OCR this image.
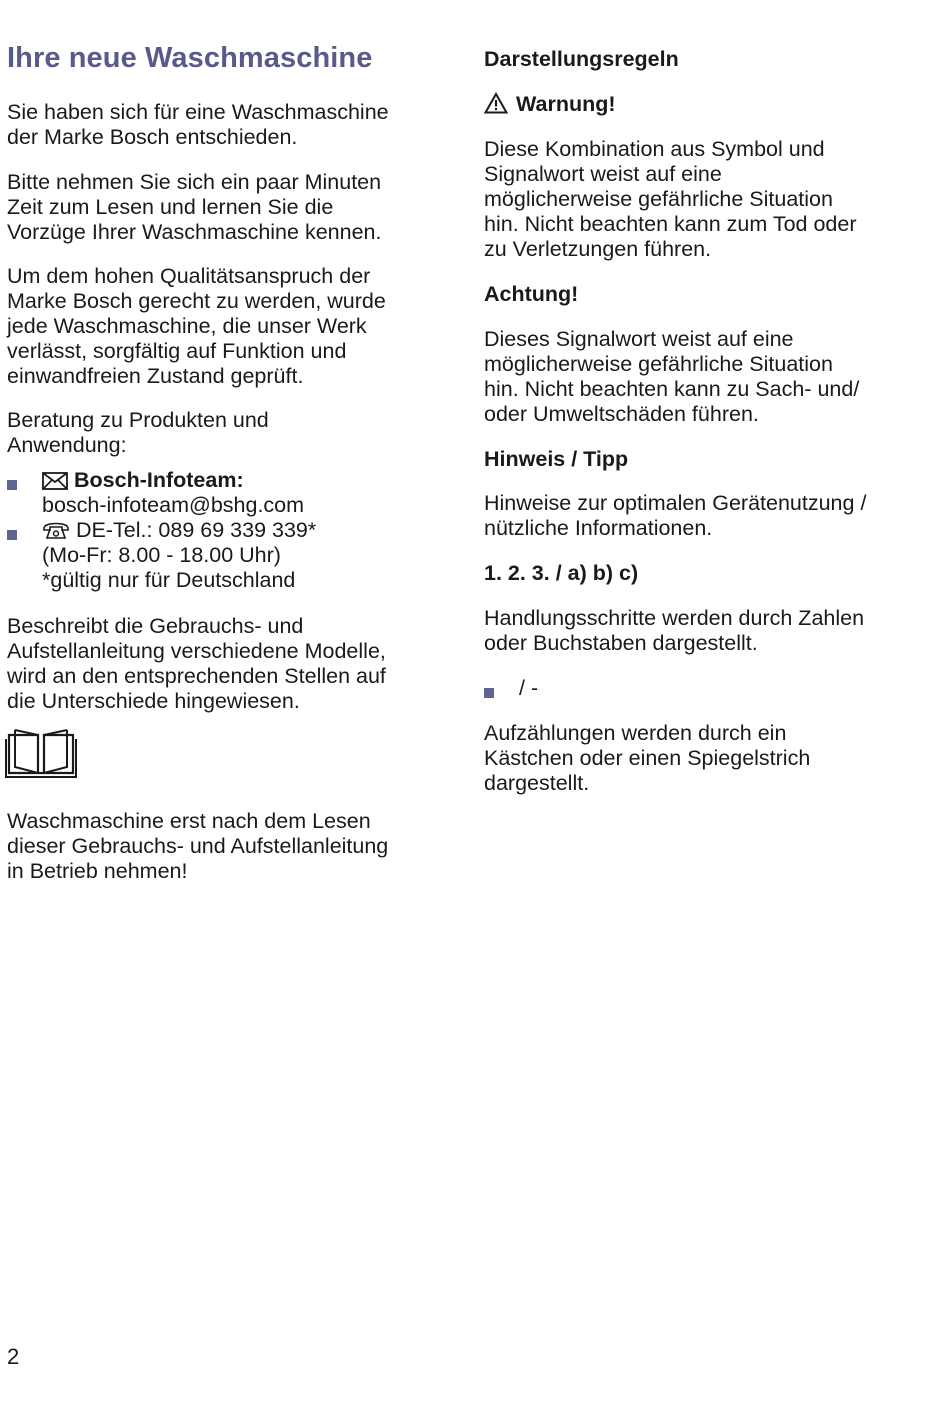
Ihre neue Waschmaschine

Sie haben sich für eine Waschmaschine

der Marke Bosch entschieden.

Bitte nehmen Sie sich ein paar Minuten

Zeit zum Lesen und lernen Sie die

Vorzüge Ihrer Waschmaschine kennen.

Um dem hohen Qualitätsanspruch der

Marke Bosch gerecht zu werden, wurde

jede Waschmaschine, die unser Werk

verlässt, sorgfältig auf Funktion und

einwandfreien Zustand geprüft.

Beratung zu Produkten und

Anwendung:

Bosch-Infoteam:
bosch-infoteam@bshg.com
DE-Tel.: 089 69 339 339*
(Mo-Fr: 8.00 - 18.00 Uhr)
*gültig nur für Deutschland

Beschreibt die Gebrauchs- und

Aufstellanleitung verschiedene Modelle,

wird an den entsprechenden Stellen auf

die Unterschiede hingewiesen.

Waschmaschine erst nach dem Lesen

dieser Gebrauchs- und Aufstellanleitung

in Betrieb nehmen!

Darstellungsregeln
Warnung!

Diese Kombination aus Symbol und

Signalwort weist auf eine

möglicherweise gefährliche Situation

hin. Nicht beachten kann zum Tod oder

zu Verletzungen führen.

Achtung!

Dieses Signalwort weist auf eine

möglicherweise gefährliche Situation

hin. Nicht beachten kann zu Sach- und/

oder Umweltschäden führen.

Hinweis / Tipp

Hinweise zur optimalen Gerätenutzung /

nützliche Informationen.

1. 2. 3. / a) b) c)

Handlungsschritte werden durch Zahlen

oder Buchstaben dargestellt.

/ -

Aufzählungen werden durch ein

Kästchen oder einen Spiegelstrich

dargestellt.

2
